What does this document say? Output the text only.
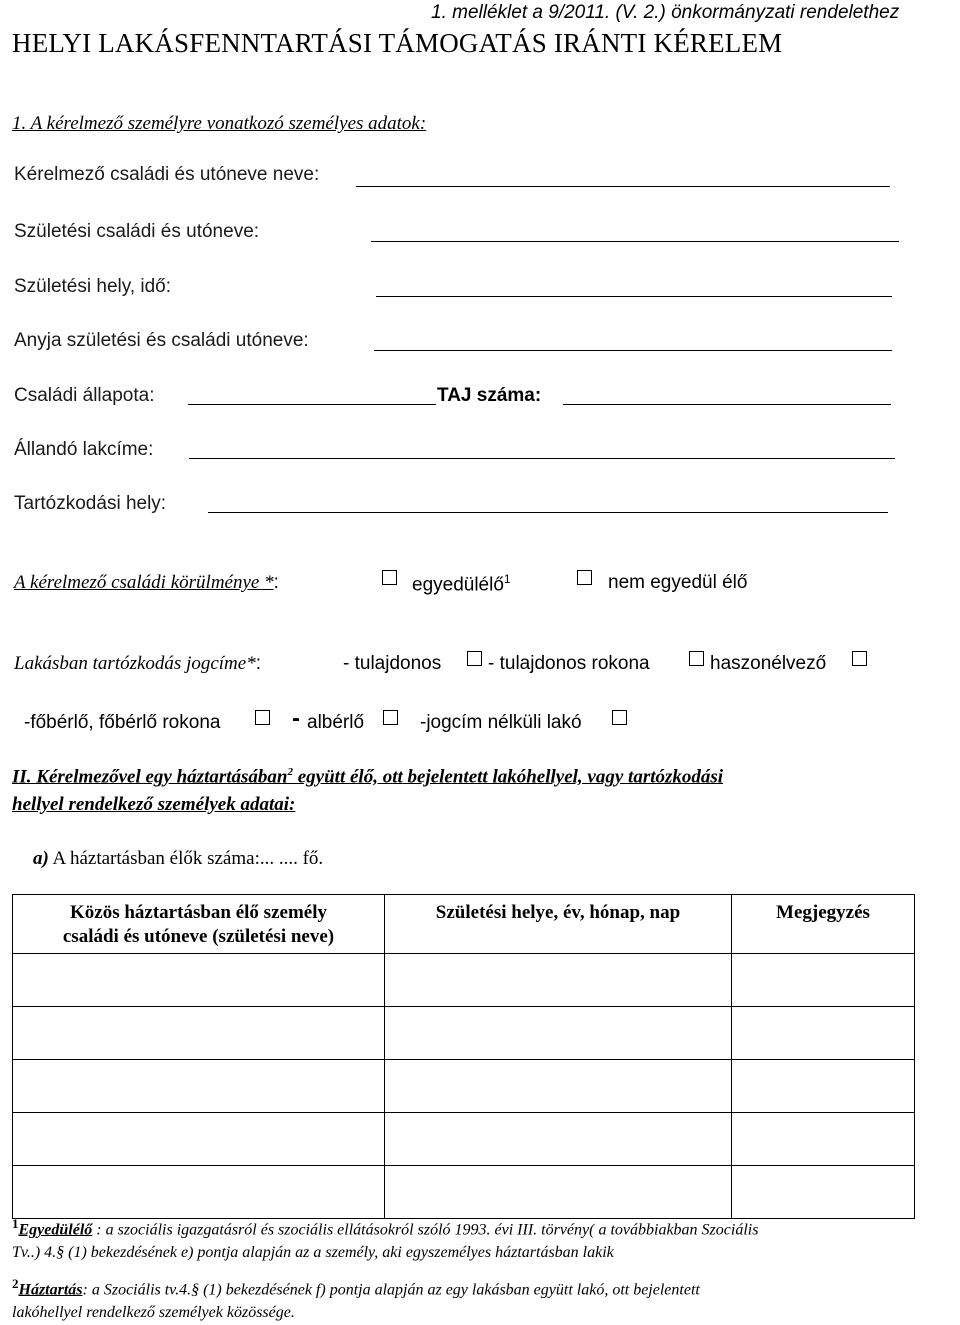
1. melléklet a 9/2011. (V. 2.) önkormányzati rendelethez
HELYI LAKÁSFENNTARTÁSI TÁMOGATÁS IRÁNTI KÉRELEM
1. A kérelmező személyre vonatkozó személyes adatok:
Kérelmező családi és utóneve neve:
Születési családi és utóneve:
Születési hely, idő:
Anyja születési és családi utóneve:
Családi állapota:	TAJ száma:
Állandó lakcíme:
Tartózkodási hely:
A kérelmező családi körülménye *:	egyedülélő$^1$	nem egyedül élő
Lakásban tartózkodás jogcíme*:	- tulajdonos - tulajdonos rokona	haszonélvező
-főbérlő, főbérlő rokona	- albérlő	-jogcím nélküli lakó
II. Kérelmezővel egy háztartásában$^2$ együtt élő, ott bejelentett lakóhellyel, vagy tartózkodási
hellyel rendelkező személyek adatai:
a) A háztartásban élők száma:... .... fő.
Közös háztartásban élő személy
családi és utóneve (születési neve)	Születési helye, év, hónap, nap	Megjegyzés

$^1$Egyedülélő : a szociális igazgatásról és szociális ellátásokról szóló 1993. évi III. törvény( a továbbiakban Szociális
Tv..) 4.§ (1) bekezdésének e) pontja alapján az a személy, aki egyszemélyes háztartásban lakik
$^2$Háztartás: a Szociális tv.4.§ (1) bekezdésének f) pontja alapján az egy lakásban együtt lakó, ott bejelentett
lakóhellyel rendelkező személyek közössége.
